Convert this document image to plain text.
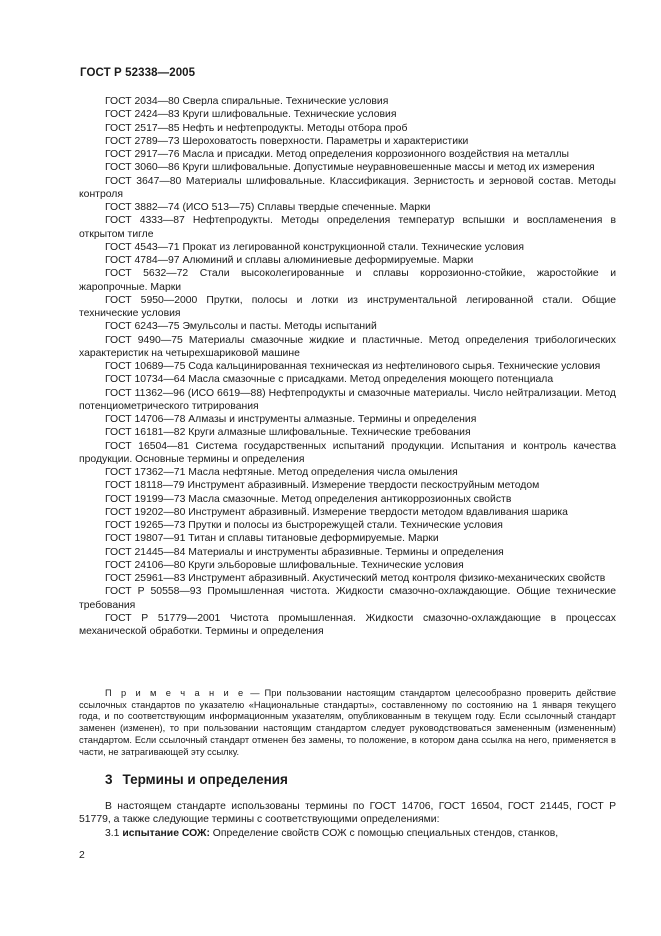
ГОСТ Р 52338—2005

ГОСТ 2034—80 Сверла спиральные. Технические условия

ГОСТ 2424—83 Круги шлифовальные. Технические условия

ГОСТ 2517—85 Нефть и нефтепродукты. Методы отбора проб

ГОСТ 2789—73 Шероховатость поверхности. Параметры и характеристики

ГОСТ 2917—76 Масла и присадки. Метод определения коррозионного воздействия на металлы

ГОСТ 3060—86 Круги шлифовальные. Допустимые неуравновешенные массы и метод их измерения

ГОСТ 3647—80 Материалы шлифовальные. Классификация. Зернистость и зерновой состав. Методы контроля

ГОСТ 3882—74 (ИСО 513—75) Сплавы твердые спеченные. Марки

ГОСТ 4333—87 Нефтепродукты. Методы определения температур вспышки и воспламенения в открытом тигле

ГОСТ 4543—71 Прокат из легированной конструкционной стали. Технические условия

ГОСТ 4784—97 Алюминий и сплавы алюминиевые деформируемые. Марки

ГОСТ 5632—72 Стали высоколегированные и сплавы коррозионно-стойкие, жаростойкие и жаропрочные. Марки

ГОСТ 5950—2000 Прутки, полосы и лотки из инструментальной легированной стали. Общие технические условия

ГОСТ 6243—75 Эмульсолы и пасты. Методы испытаний

ГОСТ 9490—75 Материалы смазочные жидкие и пластичные. Метод определения трибологических характеристик на четырехшариковой машине

ГОСТ 10689—75 Сода кальцинированная техническая из нефтелинового сырья. Технические условия

ГОСТ 10734—64 Масла смазочные с присадками. Метод определения моющего потенциала

ГОСТ 11362—96 (ИСО 6619—88) Нефтепродукты и смазочные материалы. Число нейтрализации. Метод потенциометрического титрирования

ГОСТ 14706—78 Алмазы и инструменты алмазные. Термины и определения

ГОСТ 16181—82 Круги алмазные шлифовальные. Технические требования

ГОСТ 16504—81 Система государственных испытаний продукции. Испытания и контроль качества продукции. Основные термины и определения

ГОСТ 17362—71 Масла нефтяные. Метод определения числа омыления

ГОСТ 18118—79 Инструмент абразивный. Измерение твердости пескоструйным методом

ГОСТ 19199—73 Масла смазочные. Метод определения антикоррозионных свойств

ГОСТ 19202—80 Инструмент абразивный. Измерение твердости методом вдавливания шарика

ГОСТ 19265—73 Прутки и полосы из быстрорежущей стали. Технические условия

ГОСТ 19807—91 Титан и сплавы титановые деформируемые. Марки

ГОСТ 21445—84 Материалы и инструменты абразивные. Термины и определения

ГОСТ 24106—80 Круги эльборовые шлифовальные. Технические условия

ГОСТ 25961—83 Инструмент абразивный. Акустический метод контроля физико-механических свойств

ГОСТ Р 50558—93 Промышленная чистота. Жидкости смазочно-охлаждающие. Общие технические требования

ГОСТ Р 51779—2001 Чистота промышленная. Жидкости смазочно-охлаждающие в процессах механической обработки. Термины и определения

П р и м е ч а н и е — При пользовании настоящим стандартом целесообразно проверить действие ссылочных стандартов по указателю «Национальные стандарты», составленному по состоянию на 1 января текущего года, и по соответствующим информационным указателям, опубликованным в текущем году. Если ссылочный стандарт заменен (изменен), то при пользовании настоящим стандартом следует руководствоваться замененным (измененным) стандартом. Если ссылочный стандарт отменен без замены, то положение, в котором дана ссылка на него, применяется в части, не затрагивающей эту ссылку.

3 Термины и определения

В настоящем стандарте использованы термины по ГОСТ 14706, ГОСТ 16504, ГОСТ 21445, ГОСТ Р 51779, а также следующие термины с соответствующими определениями:

3.1 испытание СОЖ: Определение свойств СОЖ с помощью специальных стендов, станков,

2
